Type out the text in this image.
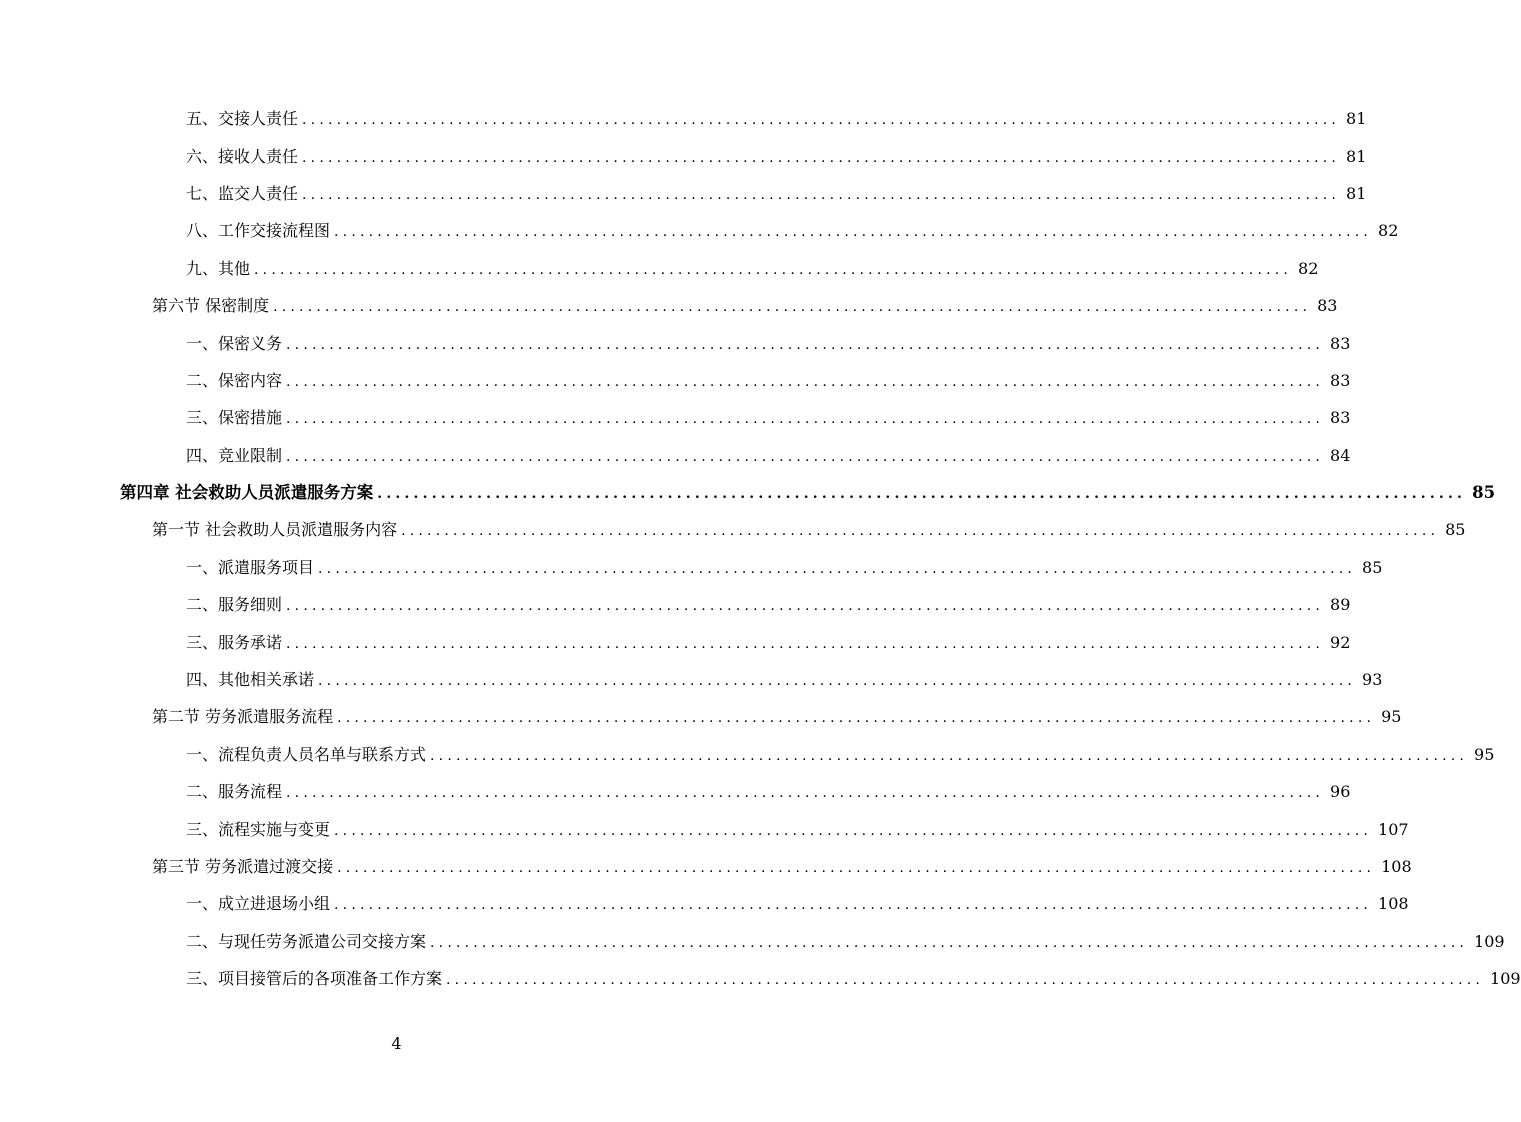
五、交接人责任 ........................................................................................................................ 81
六、接收人责任 ........................................................................................................................ 81
七、监交人责任 ........................................................................................................................ 81
八、工作交接流程图 ........................................................................................................................ 82
九、其他 ........................................................................................................................ 82
第六节 保密制度 ........................................................................................................................ 83
一、保密义务 ........................................................................................................................ 83
二、保密内容 ........................................................................................................................ 83
三、保密措施 ........................................................................................................................ 83
四、竞业限制 ........................................................................................................................ 84
第四章 社会救助人员派遣服务方案 ........................................................................................................................ 85
第一节 社会救助人员派遣服务内容 ........................................................................................................................ 85
一、派遣服务项目 ........................................................................................................................ 85
二、服务细则 ........................................................................................................................ 89
三、服务承诺 ........................................................................................................................ 92
四、其他相关承诺 ........................................................................................................................ 93
第二节 劳务派遣服务流程 ........................................................................................................................ 95
一、流程负责人员名单与联系方式 ........................................................................................................................ 95
二、服务流程 ........................................................................................................................ 96
三、流程实施与变更 ........................................................................................................................ 107
第三节 劳务派遣过渡交接 ........................................................................................................................ 108
一、成立进退场小组 ........................................................................................................................ 108
二、与现任劳务派遣公司交接方案 ........................................................................................................................ 109
三、项目接管后的各项准备工作方案 ........................................................................................................................ 109
4
